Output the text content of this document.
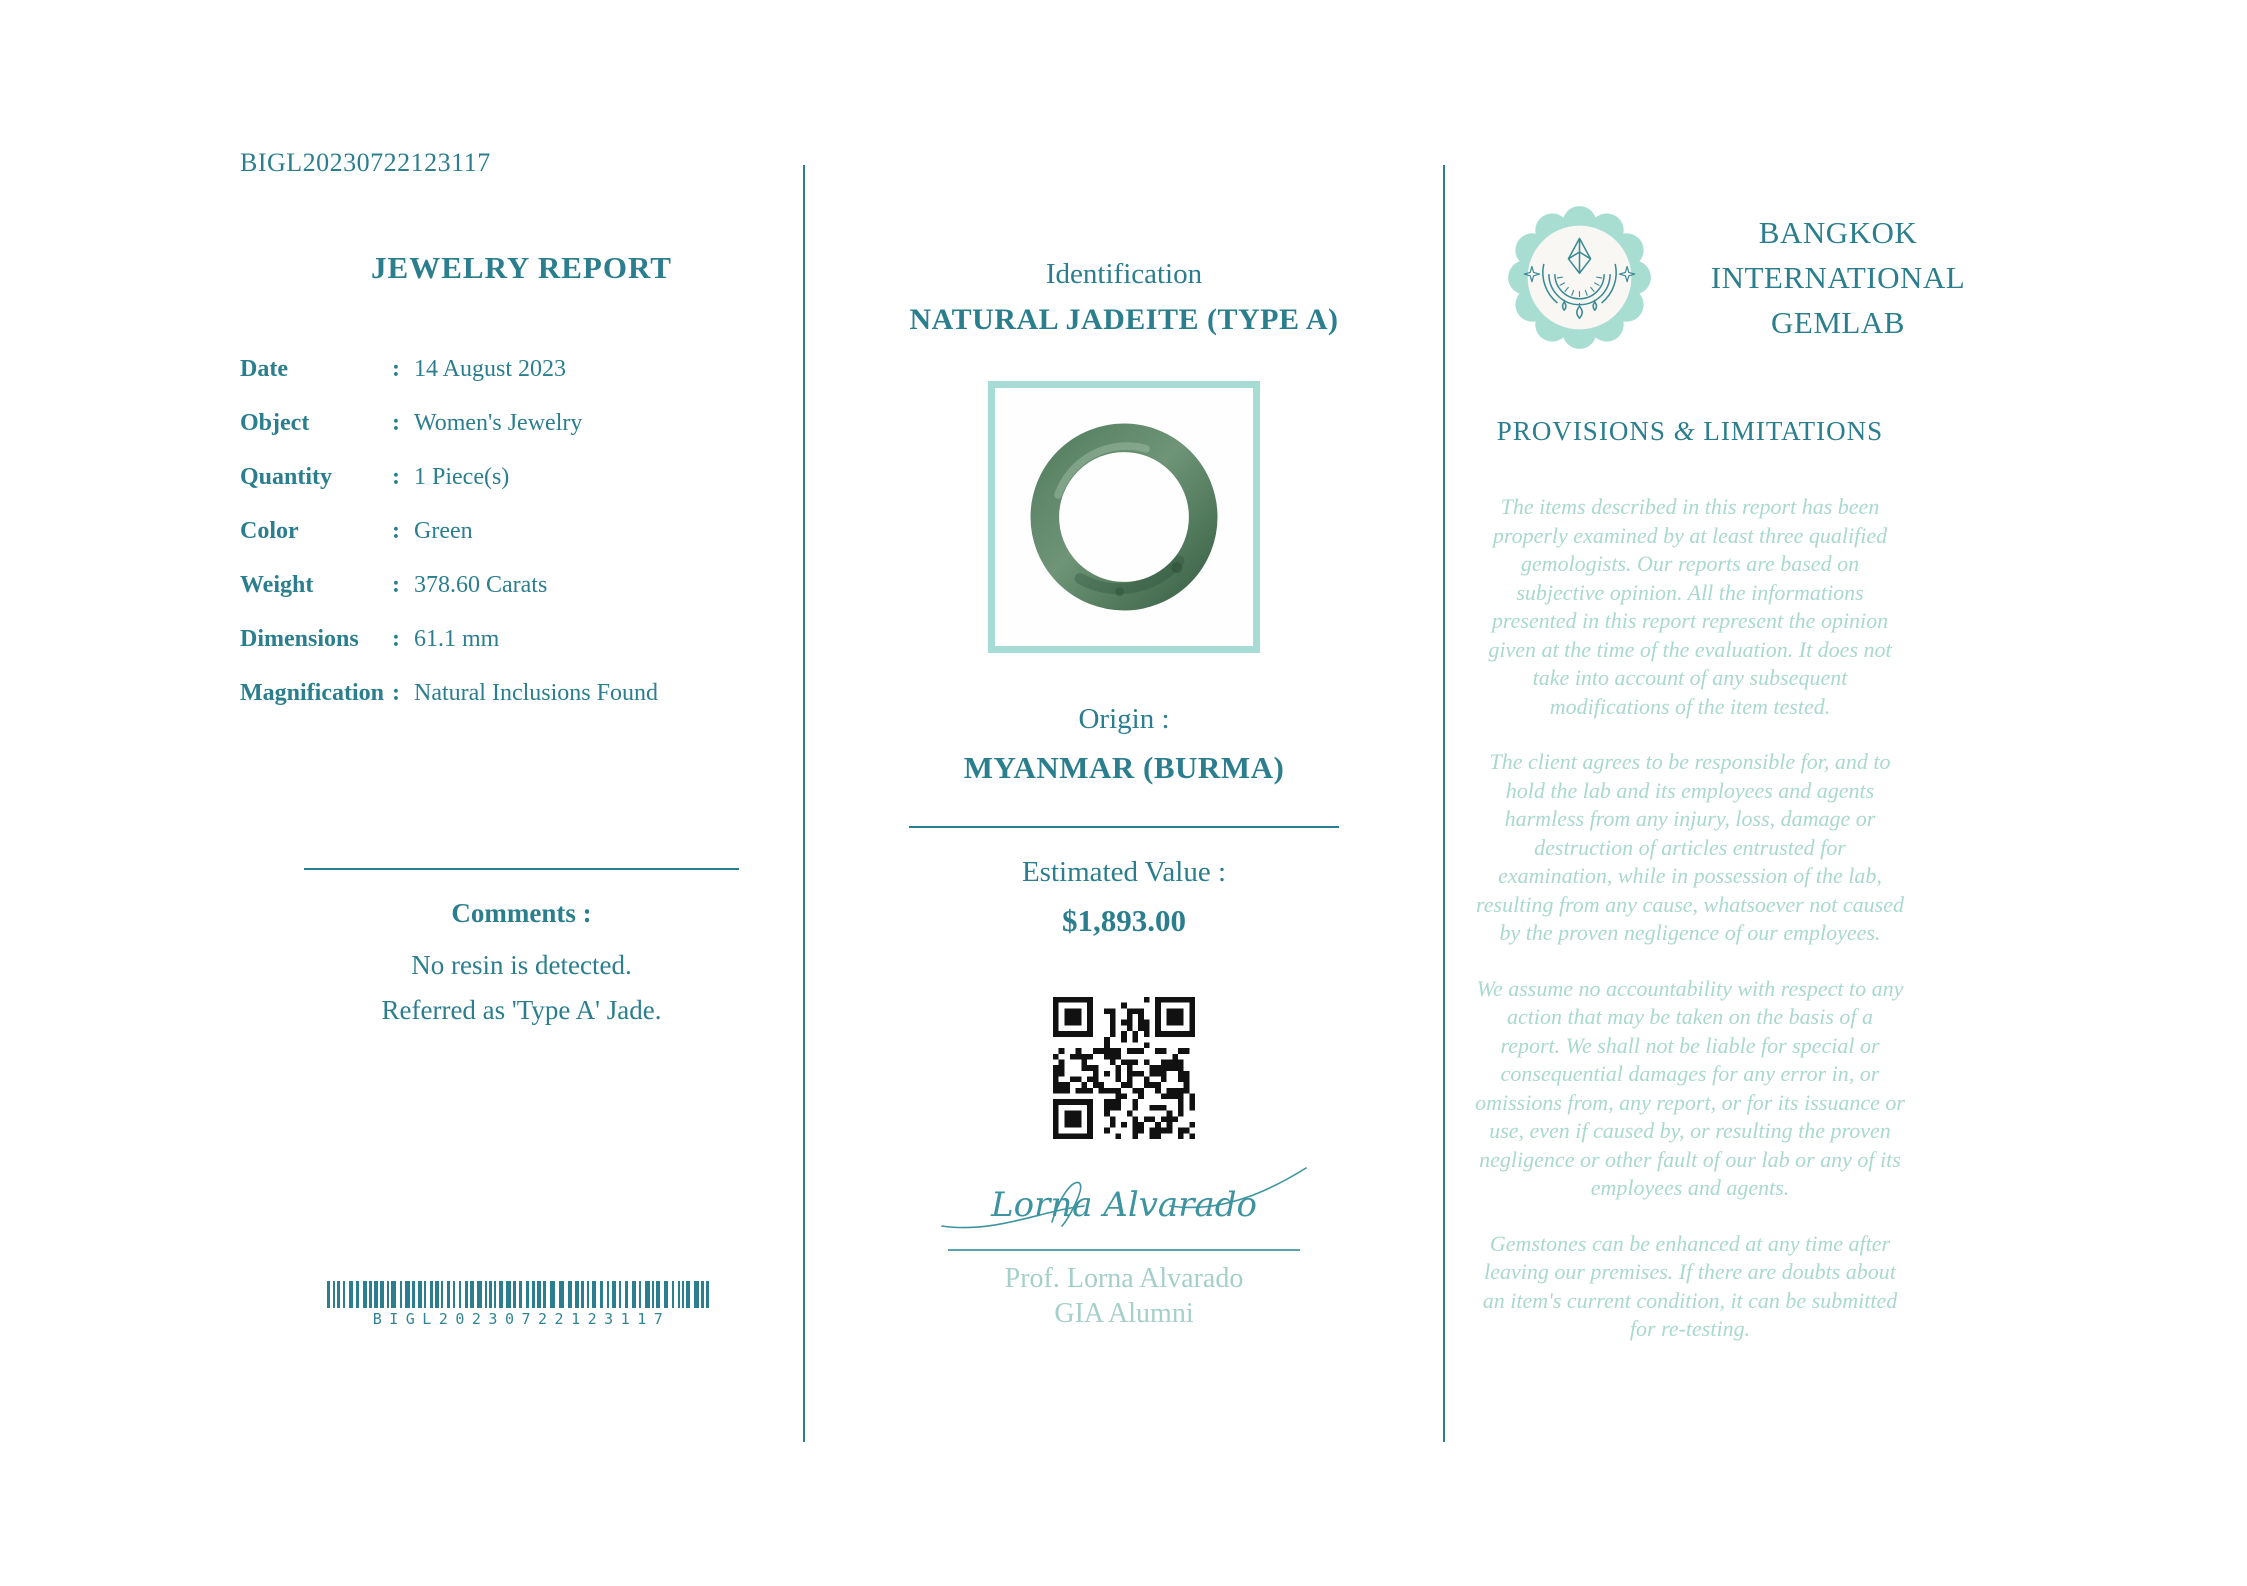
BIGL20230722123117
JEWELRY REPORT
Date	: 14 August 2023
Object	: Women's Jewelry
Quantity	: 1 Piece(s)
Color	: Green
Weight	: 378.60 Carats
Dimensions	: 61.1 mm
Magnification : Natural Inclusions Found
Comments :
No resin is detected.
Referred as 'Type A' Jade.
BIGL20230722123117
Identification
NATURAL JADEITE (TYPE A)
Origin :
MYANMAR (BURMA)
Estimated Value :
$1,893.00
Lorna Alvarado
Prof. Lorna Alvarado
GIA Alumni
BANGKOK
INTERNATIONAL
GEMLAB
PROVISIONS & LIMITATIONS

The items described in this report has been properly examined by at least three qualified gemologists. Our reports are based on subjective opinion. All the informations presented in this report represent the opinion given at the time of the evaluation. It does not take into account of any subsequent modifications of the item tested.

The client agrees to be responsible for, and to hold the lab and its employees and agents harmless from any injury, loss, damage or destruction of articles entrusted for examination, while in possession of the lab, resulting from any cause, whatsoever not caused by the proven negligence of our employees.

We assume no accountability with respect to any action that may be taken on the basis of a report. We shall not be liable for special or consequential damages for any error in, or omissions from, any report, or for its issuance or use, even if caused by, or resulting the proven negligence or other fault of our lab or any of its employees and agents.

Gemstones can be enhanced at any time after leaving our premises. If there are doubts about an item's current condition, it can be submitted for re-testing.
